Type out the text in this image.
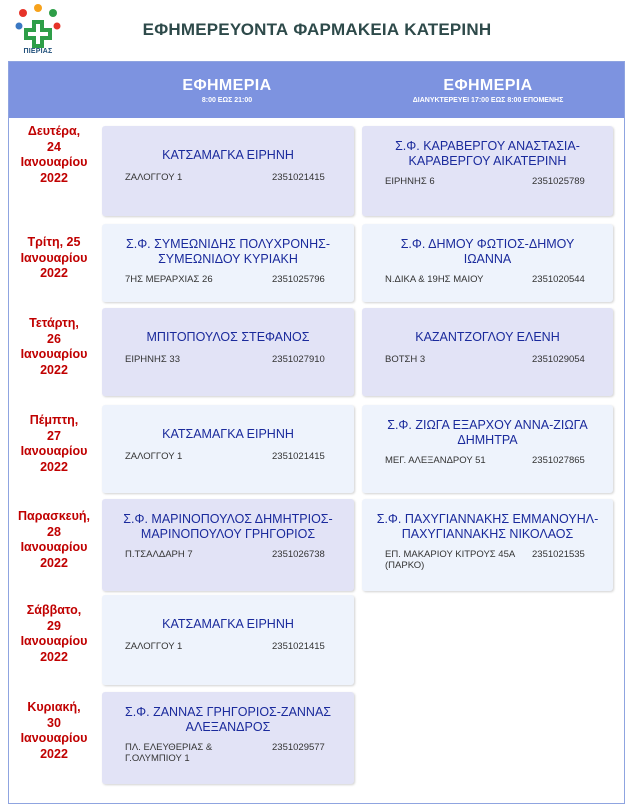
ΠΙΕΡΙΑΣ
ΕΦΗΜΕΡΕΥΟΝΤΑ ΦΑΡΜΑΚΕΙΑ ΚΑΤΕΡΙΝΗ
ΕΦΗΜΕΡΙΑ
8:00 ΕΩΣ 21:00
ΕΦΗΜΕΡΙΑ
ΔΙΑΝΥΚΤΕΡΕΥΕΙ 17:00 ΕΩΣ 8:00 ΕΠΟΜΕΝΗΣ
Δευτέρα,
24
Ιανουαρίου
2022
ΚΑΤΣΑΜΑΓΚΑ ΕΙΡΗΝΗ
ΖΑΛΟΓΓΟΥ 1	2351021415
Σ.Φ. ΚΑΡΑΒΕΡΓΟΥ ΑΝΑΣΤΑΣΙΑ-
ΚΑΡΑΒΕΡΓΟΥ ΑΙΚΑΤΕΡΙΝΗ
ΕΙΡΗΝΗΣ 6	2351025789
Τρίτη, 25
Ιανουαρίου
2022
Σ.Φ. ΣΥΜΕΩΝΙΔΗΣ ΠΟΛΥΧΡΟΝΗΣ-
ΣΥΜΕΩΝΙΔΟΥ ΚΥΡΙΑΚΗ
7ΗΣ ΜΕΡΑΡΧΙΑΣ 26	2351025796
Σ.Φ. ΔΗΜΟΥ ΦΩΤΙΟΣ-ΔΗΜΟΥ
ΙΩΑΝΝΑ
Ν.ΔΙΚΑ & 19ΗΣ ΜΑΙΟΥ	2351020544
Τετάρτη,
26
Ιανουαρίου
2022
ΜΠΙΤΟΠΟΥΛΟΣ ΣΤΕΦΑΝΟΣ
ΕΙΡΗΝΗΣ 33	2351027910
ΚΑΖΑΝΤΖΟΓΛΟΥ ΕΛΕΝΗ
ΒΟΤΣΗ 3	2351029054
Πέμπτη,
27
Ιανουαρίου
2022
ΚΑΤΣΑΜΑΓΚΑ ΕΙΡΗΝΗ
ΖΑΛΟΓΓΟΥ 1	2351021415
Σ.Φ. ΖΙΩΓΑ ΕΞΑΡΧΟΥ ΑΝΝΑ-ΖΙΩΓΑ
ΔΗΜΗΤΡΑ
ΜΕΓ. ΑΛΕΞΑΝΔΡΟΥ 51	2351027865
Παρασκευή,
28
Ιανουαρίου
2022
Σ.Φ. ΜΑΡΙΝΟΠΟΥΛΟΣ ΔΗΜΗΤΡΙΟΣ-
ΜΑΡΙΝΟΠΟΥΛΟΥ ΓΡΗΓΟΡΙΟΣ
Π.ΤΣΑΛΔΑΡΗ 7	2351026738
Σ.Φ. ΠΑΧΥΓΙΑΝΝΑΚΗΣ ΕΜΜΑΝΟΥΗΛ-
ΠΑΧΥΓΙΑΝΝΑΚΗΣ ΝΙΚΟΛΑΟΣ
ΕΠ. ΜΑΚΑΡΙΟΥ ΚΙΤΡΟΥΣ 45Α
(ΠΑΡΚΟ)
2351021535
Σάββατο,
29
Ιανουαρίου
2022
ΚΑΤΣΑΜΑΓΚΑ ΕΙΡΗΝΗ
ΖΑΛΟΓΓΟΥ 1	2351021415
Κυριακή,
30
Ιανουαρίου
2022
Σ.Φ. ΖΑΝΝΑΣ ΓΡΗΓΟΡΙΟΣ-ΖΑΝΝΑΣ
ΑΛΕΞΑΝΔΡΟΣ
ΠΛ. ΕΛΕΥΘΕΡΙΑΣ &
Γ.ΟΛΥΜΠΙΟΥ 1
2351029577
